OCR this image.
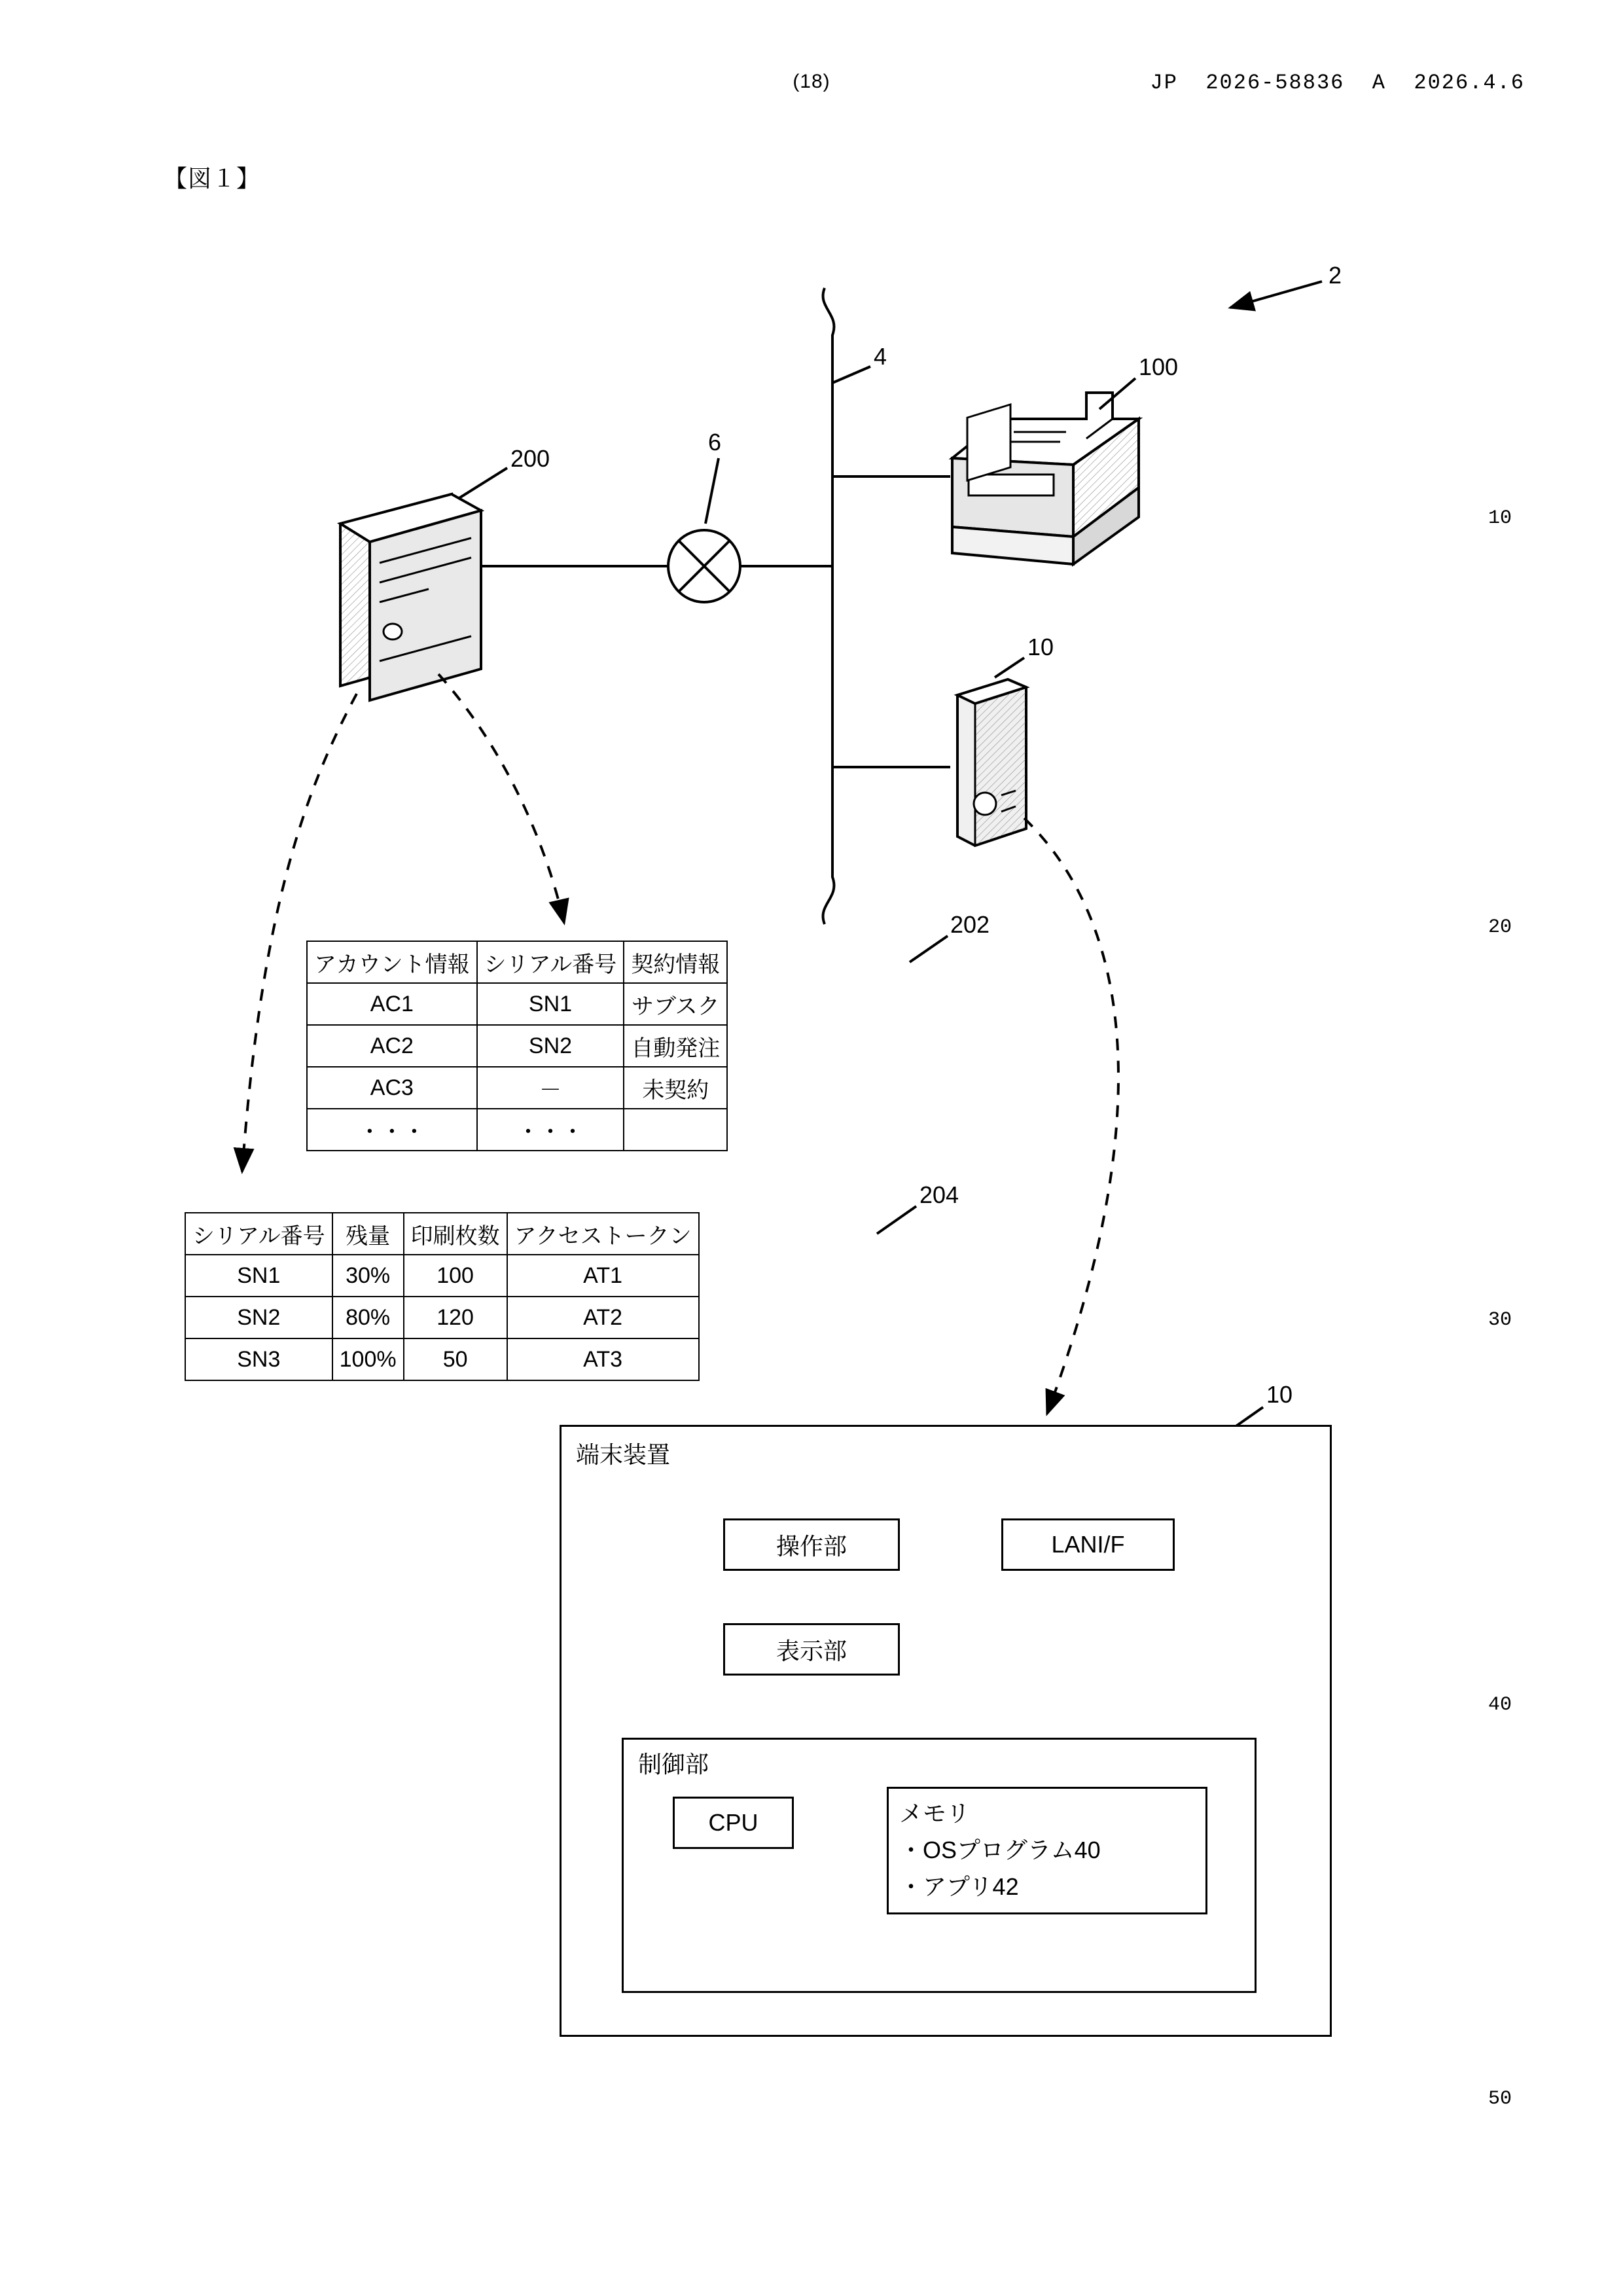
(18)	JP  2026-58836  A  2026.4.6
【図１】
10
20
30
40
50
2
4
6
100
200
10
202
204
10
アカウント情報	シリアル番号	契約情報
AC1	SN1	サブスク
AC2	SN2	自動発注
AC3	－	未契約
・・・	・・・	
シリアル番号	残量	印刷枚数	アクセストークン
SN1	30%	100	AT1
SN2	80%	120	AT2
SN3	100%	50	AT3
端末装置
操作部
表示部
LANI/F
制御部
CPU	メモリ
・OSプログラム40
・アプリ42
